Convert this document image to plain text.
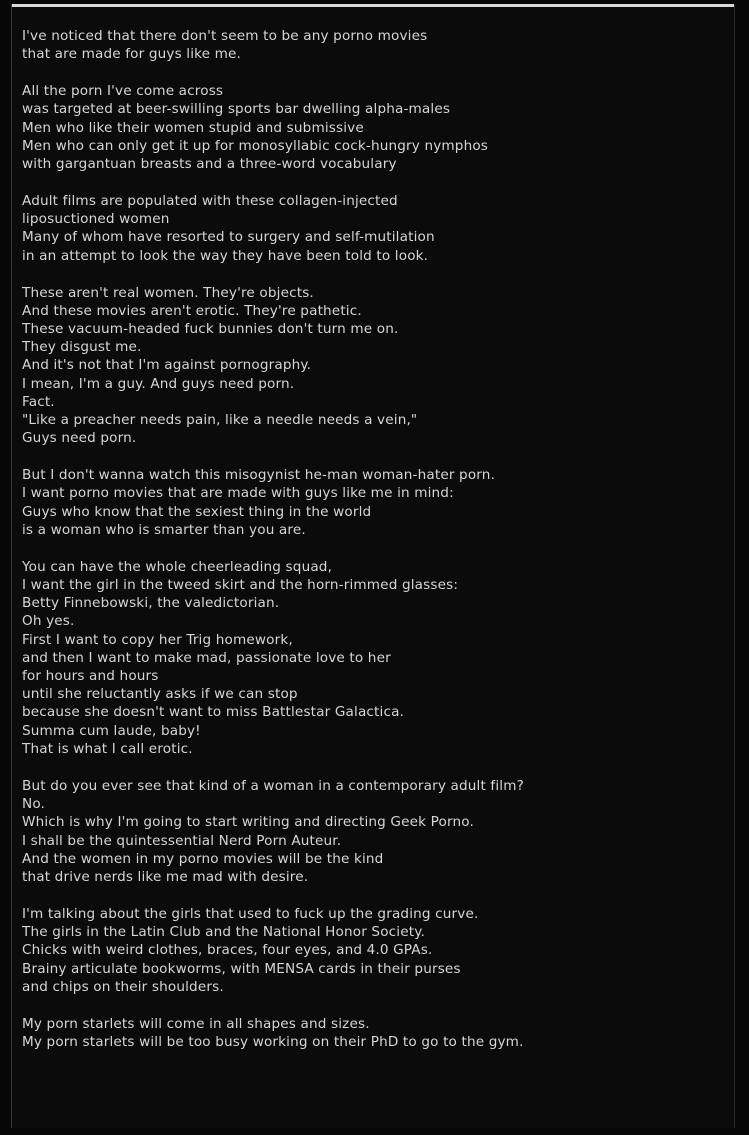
I've noticed that there don't seem to be any porno movies
that are made for guys like me.
All the porn I've come across
was targeted at beer-swilling sports bar dwelling alpha-males
Men who like their women stupid and submissive
Men who can only get it up for monosyllabic cock-hungry nymphos
with gargantuan breasts and a three-word vocabulary
Adult films are populated with these collagen-injected
liposuctioned women
Many of whom have resorted to surgery and self-mutilation
in an attempt to look the way they have been told to look.
These aren't real women. They're objects.
And these movies aren't erotic. They're pathetic.
These vacuum-headed fuck bunnies don't turn me on.
They disgust me.
And it's not that I'm against pornography.
I mean, I'm a guy. And guys need porn.
Fact.
"Like a preacher needs pain, like a needle needs a vein,"
Guys need porn.
But I don't wanna watch this misogynist he-man woman-hater porn.
I want porno movies that are made with guys like me in mind:
Guys who know that the sexiest thing in the world
is a woman who is smarter than you are.
You can have the whole cheerleading squad,
I want the girl in the tweed skirt and the horn-rimmed glasses:
Betty Finnebowski, the valedictorian.
Oh yes.
First I want to copy her Trig homework,
and then I want to make mad, passionate love to her
for hours and hours
until she reluctantly asks if we can stop
because she doesn't want to miss Battlestar Galactica.
Summa cum laude, baby!
That is what I call erotic.
But do you ever see that kind of a woman in a contemporary adult film?
No.
Which is why I'm going to start writing and directing Geek Porno.
I shall be the quintessential Nerd Porn Auteur.
And the women in my porno movies will be the kind
that drive nerds like me mad with desire.
I'm talking about the girls that used to fuck up the grading curve.
The girls in the Latin Club and the National Honor Society.
Chicks with weird clothes, braces, four eyes, and 4.0 GPAs.
Brainy articulate bookworms, with MENSA cards in their purses
and chips on their shoulders.
My porn starlets will come in all shapes and sizes.
My porn starlets will be too busy working on their PhD to go to the gym.
